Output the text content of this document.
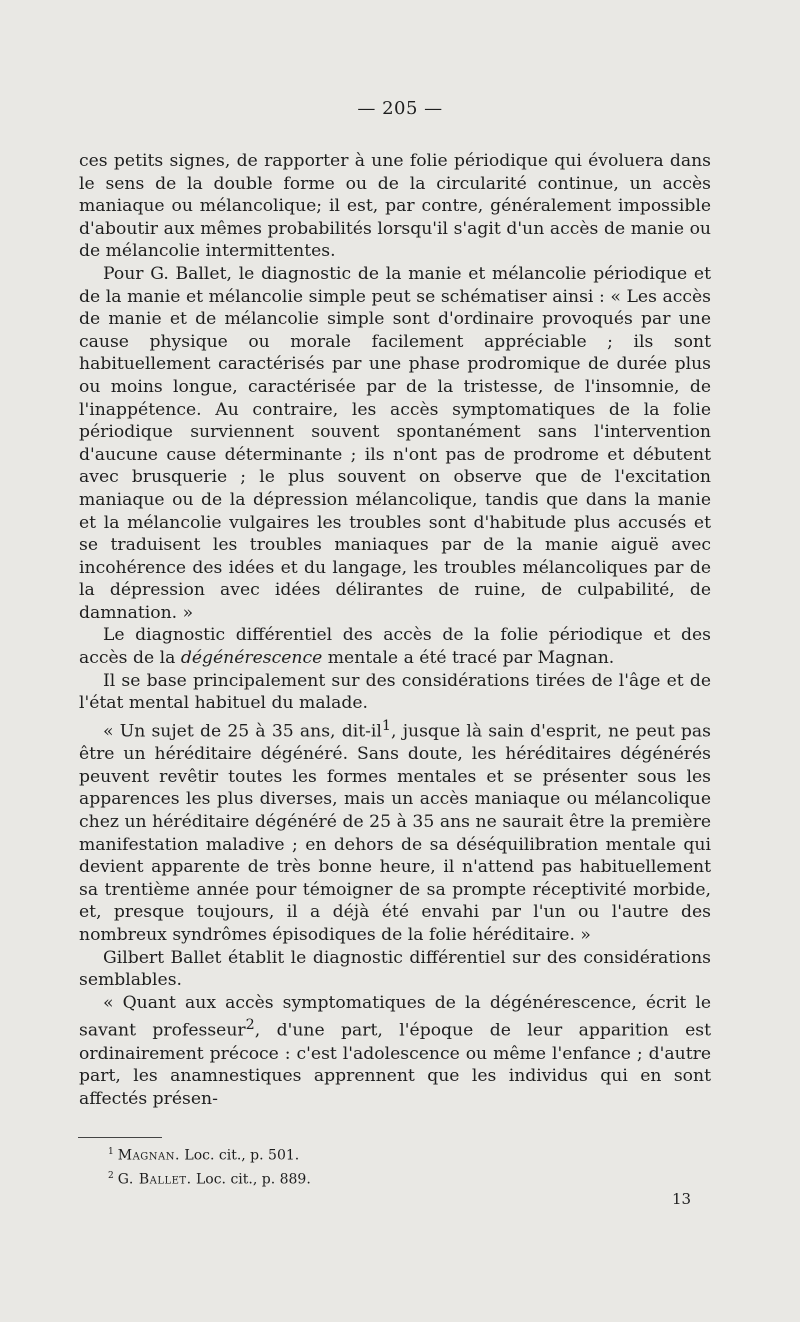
— 205 —

ces petits signes, de rapporter à une folie périodique qui évoluera dans le sens de la double forme ou de la circularité continue, un accès maniaque ou mélancolique; il est, par contre, généralement impossible d'aboutir aux mêmes probabilités lorsqu'il s'agit d'un accès de manie ou de mélancolie intermittentes.

Pour G. Ballet, le diagnostic de la manie et mélancolie périodique et de la manie et mélancolie simple peut se schématiser ainsi : « Les accès de manie et de mélancolie simple sont d'ordinaire provoqués par une cause physique ou morale facilement appréciable ; ils sont habituellement caractérisés par une phase prodromique de durée plus ou moins longue, caractérisée par de la tristesse, de l'insomnie, de l'inappétence. Au contraire, les accès symptomatiques de la folie périodique surviennent souvent spontanément sans l'intervention d'aucune cause déterminante ; ils n'ont pas de prodrome et débutent avec brusquerie ; le plus souvent on observe que de l'excitation maniaque ou de la dépression mélancolique, tandis que dans la manie et la mélancolie vulgaires les troubles sont d'habitude plus accusés et se traduisent les troubles maniaques par de la manie aiguë avec incohérence des idées et du langage, les troubles mélancoliques par de la dépression avec idées délirantes de ruine, de culpabilité, de damnation. »

Le diagnostic différentiel des accès de la folie périodique et des accès de la dégénérescence mentale a été tracé par Magnan.

Il se base principalement sur des considérations tirées de l'âge et de l'état mental habituel du malade.

« Un sujet de 25 à 35 ans, dit-$il^1$, jusque là sain d'esprit, ne peut pas être un héréditaire dégénéré. Sans doute, les héréditaires dégénérés peuvent revêtir toutes les formes mentales et se présenter sous les apparences les plus diverses, mais un accès maniaque ou mélancolique chez un héréditaire dégénéré de 25 à 35 ans ne saurait être la première manifestation maladive ; en dehors de sa déséquilibration mentale qui devient apparente de très bonne heure, il n'attend pas habituellement sa trentième année pour témoigner de sa prompte réceptivité morbide, et, presque toujours, il a déjà été envahi par l'un ou l'autre des nombreux syndrômes épisodiques de la folie héréditaire. »

Gilbert Ballet établit le diagnostic différentiel sur des considérations semblables.

« Quant aux accès symptomatiques de la dégénérescence, écrit le savant professeur$^2$, d'une part, l'époque de leur apparition est ordinairement précoce : c'est l'adolescence ou même l'enfance ; d'autre part, les anamnestiques apprennent que les individus qui en sont affectés présen-

$^1$ Magnan. Loc. cit., p. 501.
$^2$ G. Ballet. Loc. cit., p. 889.
13
